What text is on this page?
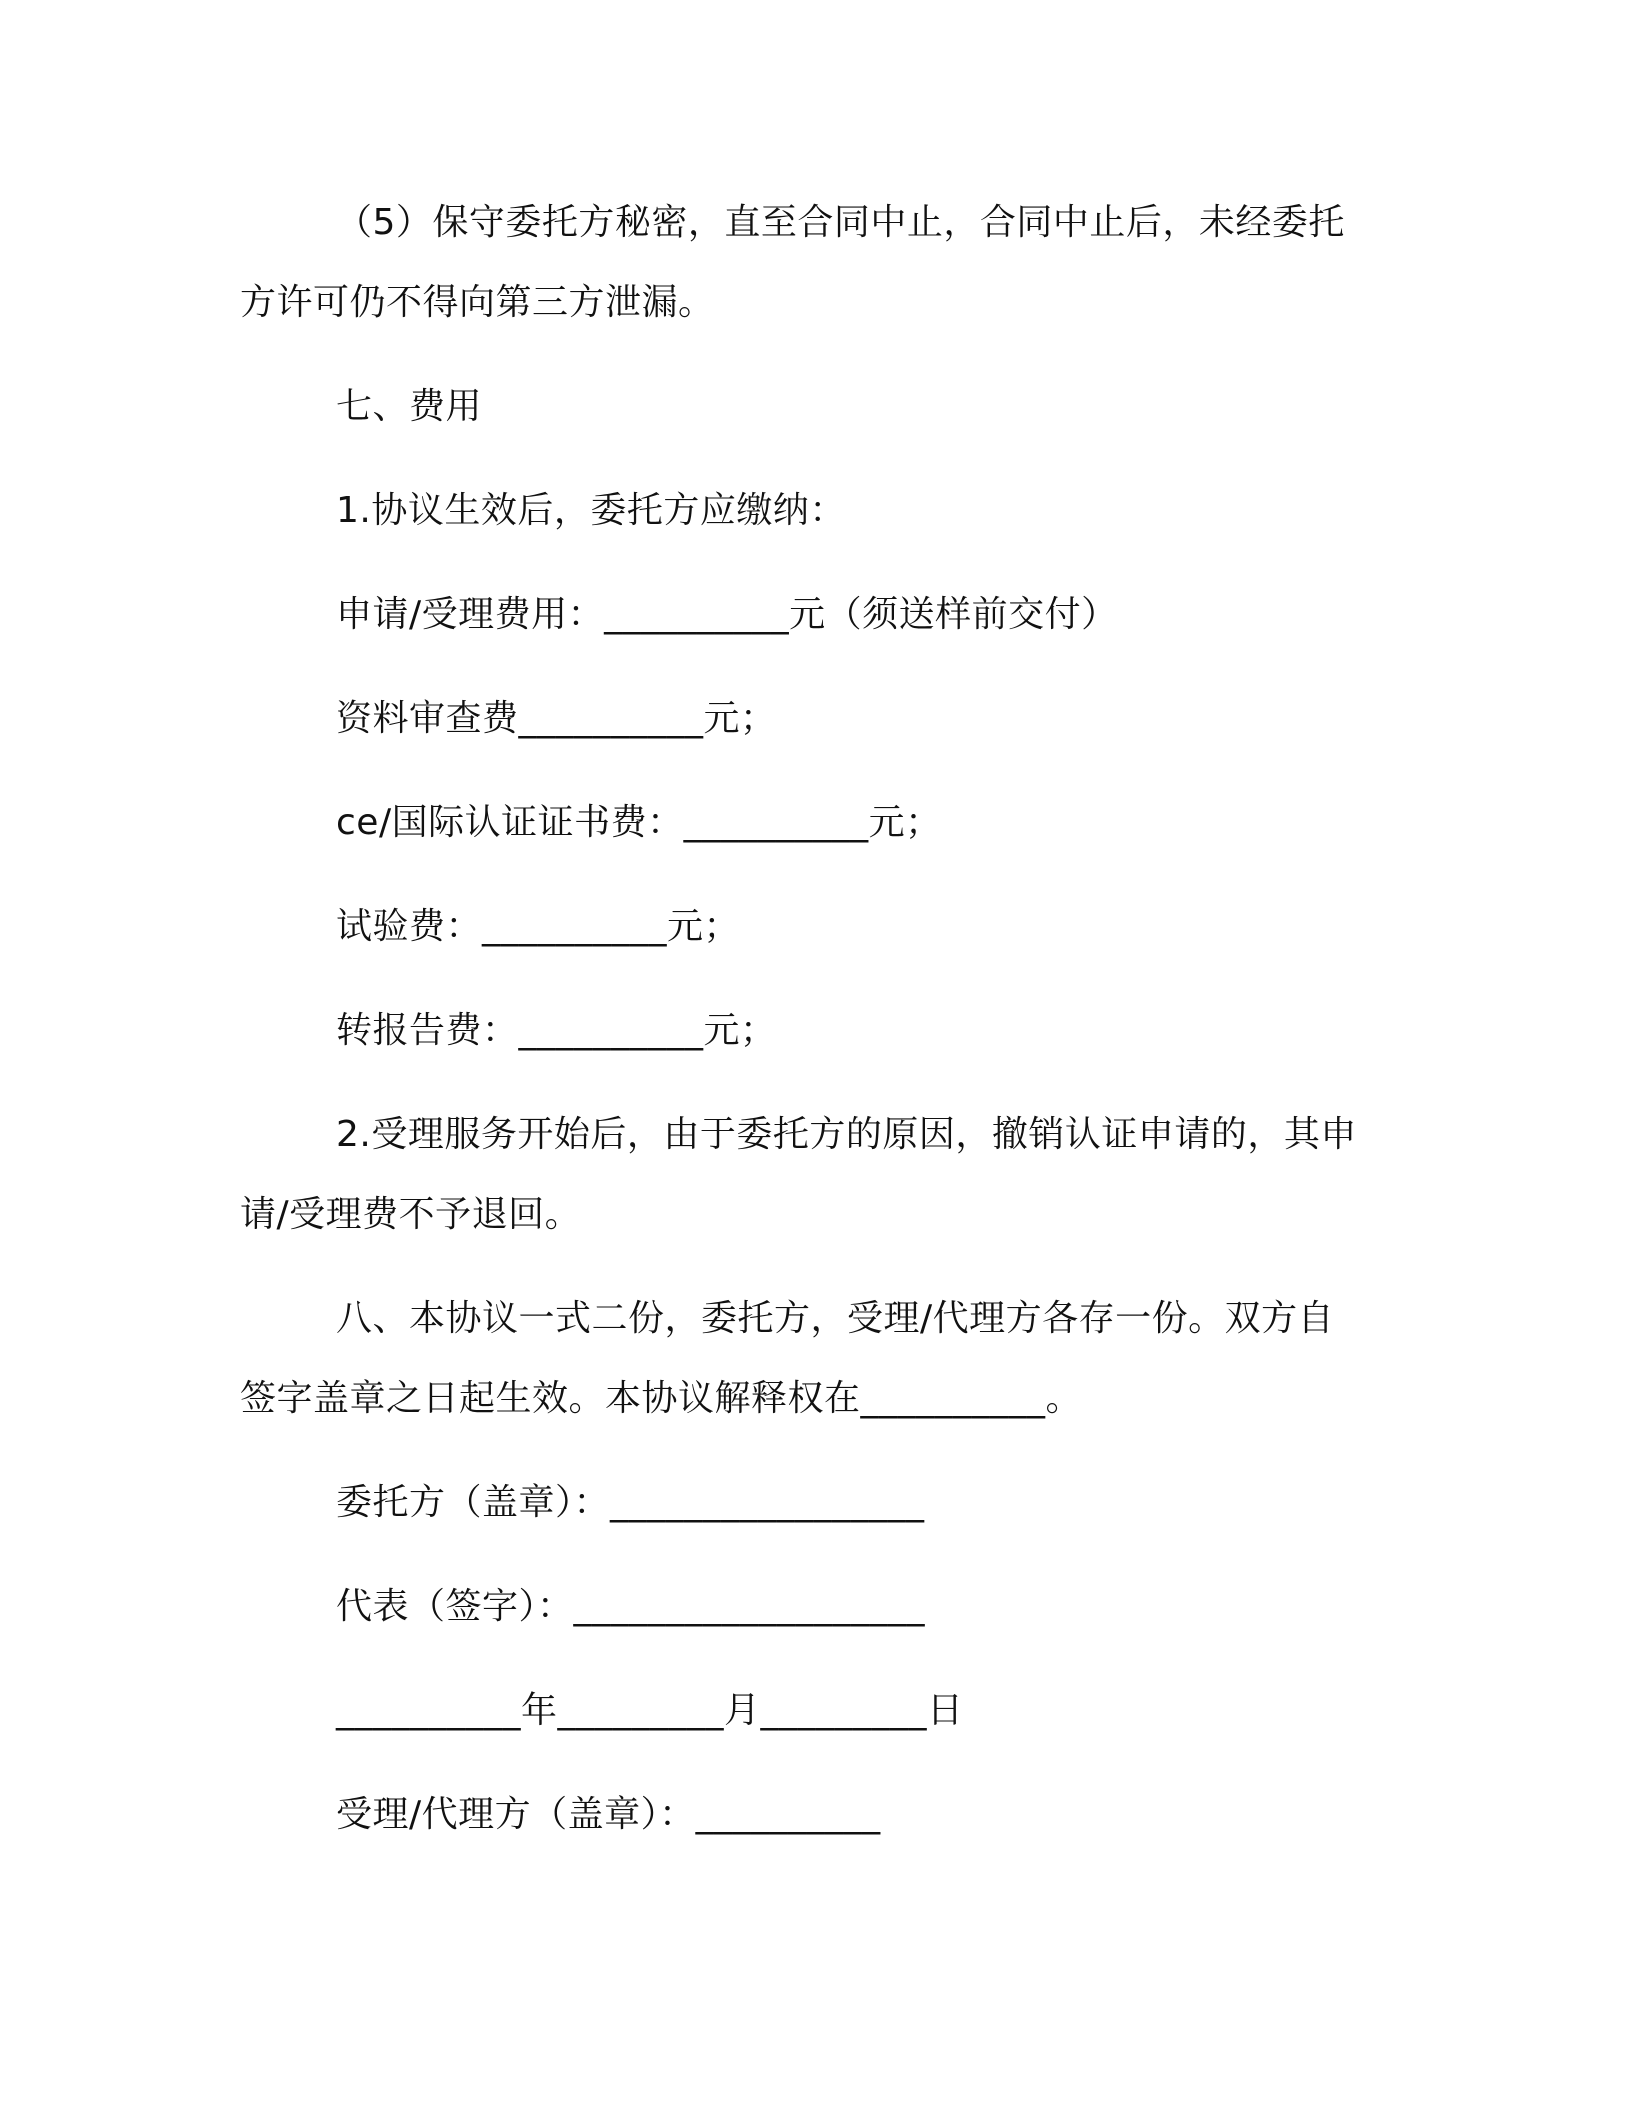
（5）保守委托方秘密，直至合同中止，合同中止后，未经委托
方许可仍不得向第三方泄漏。
七、费用
1.协议生效后，委托方应缴纳：
申请/受理费用：__________元（须送样前交付）
资料审查费__________元；
ce/国际认证证书费：__________元；
试验费：__________元；
转报告费：__________元；
2.受理服务开始后，由于委托方的原因，撤销认证申请的，其申
请/受理费不予退回。
八、本协议一式二份，委托方，受理/代理方各存一份。双方自
签字盖章之日起生效。本协议解释权在__________。
委托方（盖章）：_________________
代表（签字）：___________________
__________年_________月_________日
受理/代理方（盖章）：__________
